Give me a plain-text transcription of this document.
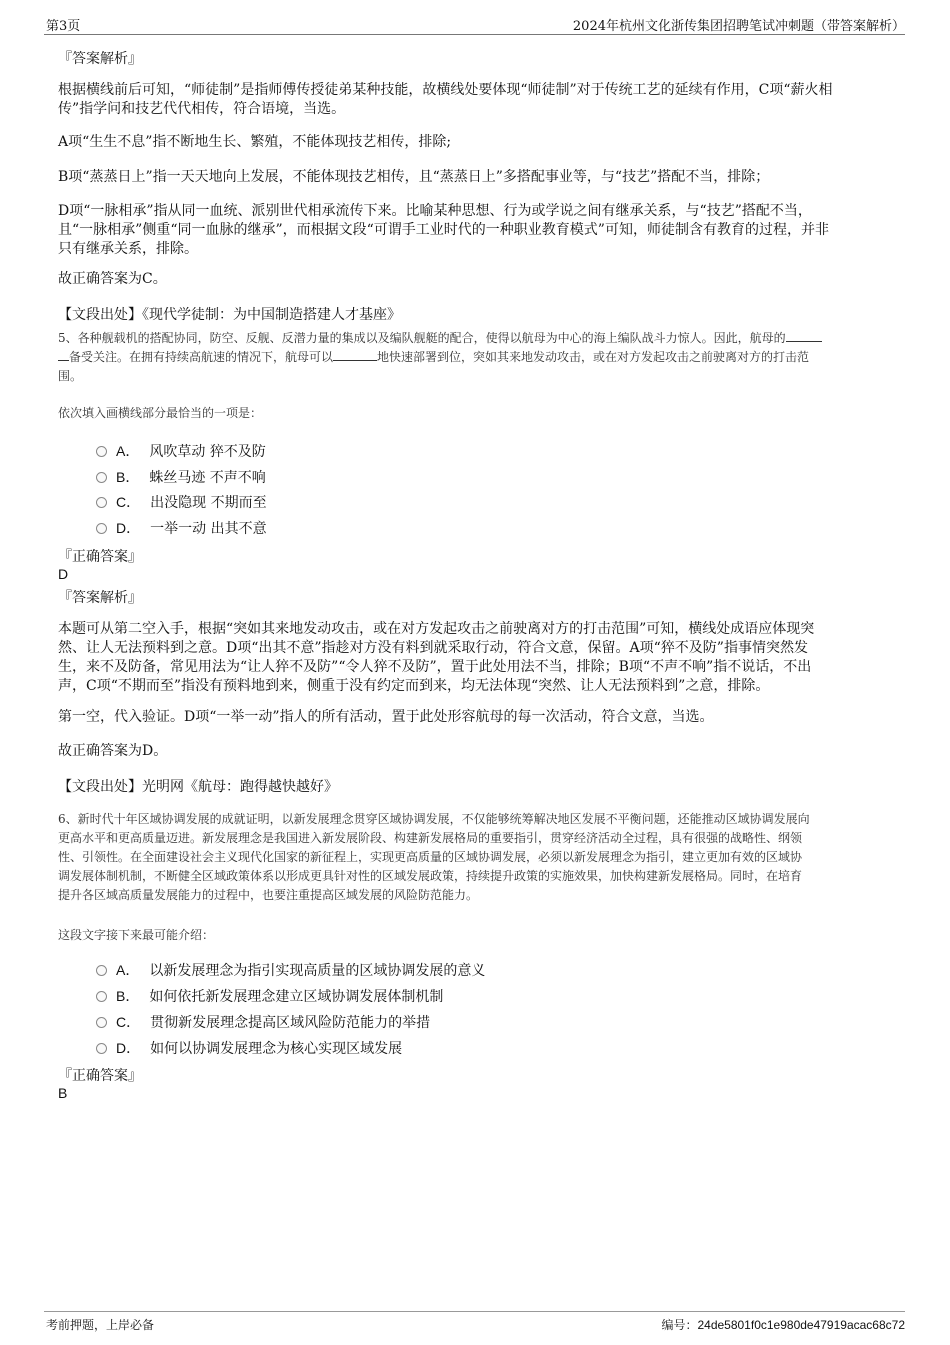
第3页	2024年杭州文化浙传集团招聘笔试冲刺题（带答案解析）
『答案解析』
根据横线前后可知，“师徒制”是指师傅传授徒弟某种技能，故横线处要体现“师徒制”对于传统工艺的延续有作用，C项“薪火相
传”指学问和技艺代代相传，符合语境，当选。
A项“生生不息”指不断地生长、繁殖，不能体现技艺相传，排除;
B项“蒸蒸日上”指一天天地向上发展，不能体现技艺相传，且“蒸蒸日上”多搭配事业等，与“技艺”搭配不当，排除；
D项“一脉相承”指从同一血统、派别世代相承流传下来。比喻某种思想、行为或学说之间有继承关系，与“技艺”搭配不当，
且“一脉相承”侧重“同一血脉的继承”，而根据文段“可谓手工业时代的一种职业教育模式”可知，师徒制含有教育的过程，并非
只有继承关系，排除。
故正确答案为C。
【文段出处】《现代学徒制：为中国制造搭建人才基座》
5、各种舰载机的搭配协同，防空、反舰、反潜力量的集成以及编队舰艇的配合，使得以航母为中心的海上编队战斗力惊人。因此，航母的
备受关注。在拥有持续高航速的情况下，航母可以	地快速部署到位，突如其来地发动攻击，或在对方发起攻击之前驶离对方的打击范
围。
依次填入画横线部分最恰当的一项是：
A． 风吹草动 猝不及防
B． 蛛丝马迹 不声不响
C． 出没隐现 不期而至
D． 一举一动 出其不意
『正确答案』
D
『答案解析』
本题可从第二空入手，根据“突如其来地发动攻击，或在对方发起攻击之前驶离对方的打击范围”可知，横线处成语应体现突
然、让人无法预料到之意。D项“出其不意”指趁对方没有料到就采取行动，符合文意，保留。A项“猝不及防”指事情突然发
生，来不及防备，常见用法为“让人猝不及防”“令人猝不及防”，置于此处用法不当，排除；B项“不声不响”指不说话，不出
声，C项“不期而至”指没有预料地到来，侧重于没有约定而到来，均无法体现“突然、让人无法预料到”之意，排除。
第一空，代入验证。D项“一举一动”指人的所有活动，置于此处形容航母的每一次活动，符合文意，当选。
故正确答案为D。
【文段出处】光明网《航母：跑得越快越好》
6、新时代十年区域协调发展的成就证明，以新发展理念贯穿区域协调发展，不仅能够统筹解决地区发展不平衡问题，还能推动区域协调发展向
更高水平和更高质量迈进。新发展理念是我国进入新发展阶段、构建新发展格局的重要指引，贯穿经济活动全过程，具有很强的战略性、纲领
性、引领性。在全面建设社会主义现代化国家的新征程上，实现更高质量的区域协调发展，必须以新发展理念为指引，建立更加有效的区域协
调发展体制机制，不断健全区域政策体系以形成更具针对性的区域发展政策，持续提升政策的实施效果，加快构建新发展格局。同时，在培育
提升各区域高质量发展能力的过程中，也要注重提高区域发展的风险防范能力。
这段文字接下来最可能介绍：
A． 以新发展理念为指引实现高质量的区域协调发展的意义
B． 如何依托新发展理念建立区域协调发展体制机制
C． 贯彻新发展理念提高区域风险防范能力的举措
D． 如何以协调发展理念为核心实现区域发展
『正确答案』
B
考前押题，上岸必备	编号：24de5801f0c1e980de47919acac68c72
